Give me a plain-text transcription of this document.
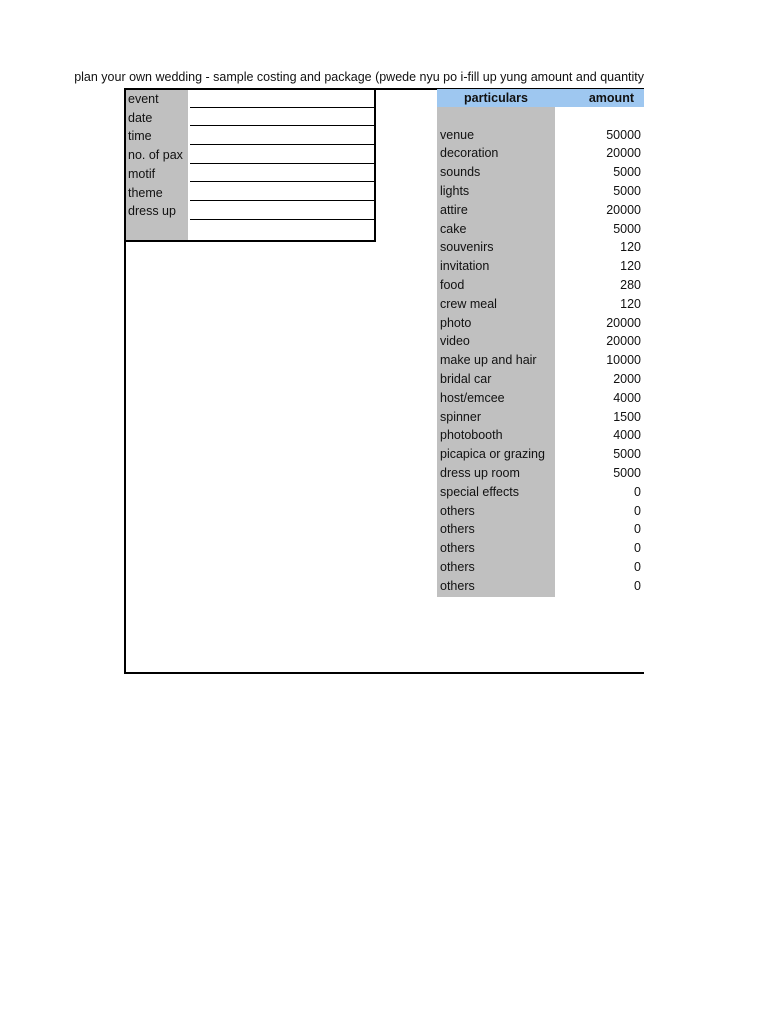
plan your own wedding - sample costing and package (pwede nyu po i-fill up yung amount and quantity
event
date
time
no. of pax
motif
theme
dress up
particulars	amount
venue	50000
decoration	20000
sounds	5000
lights	5000
attire	20000
cake	5000
souvenirs	120
invitation	120
food	280
crew meal	120
photo	20000
video	20000
make up and hair	10000
bridal car	2000
host/emcee	4000
spinner	1500
photobooth	4000
picapica or grazing	5000
dress up room	5000
special effects	0
others	0
others	0
others	0
others	0
others	0
